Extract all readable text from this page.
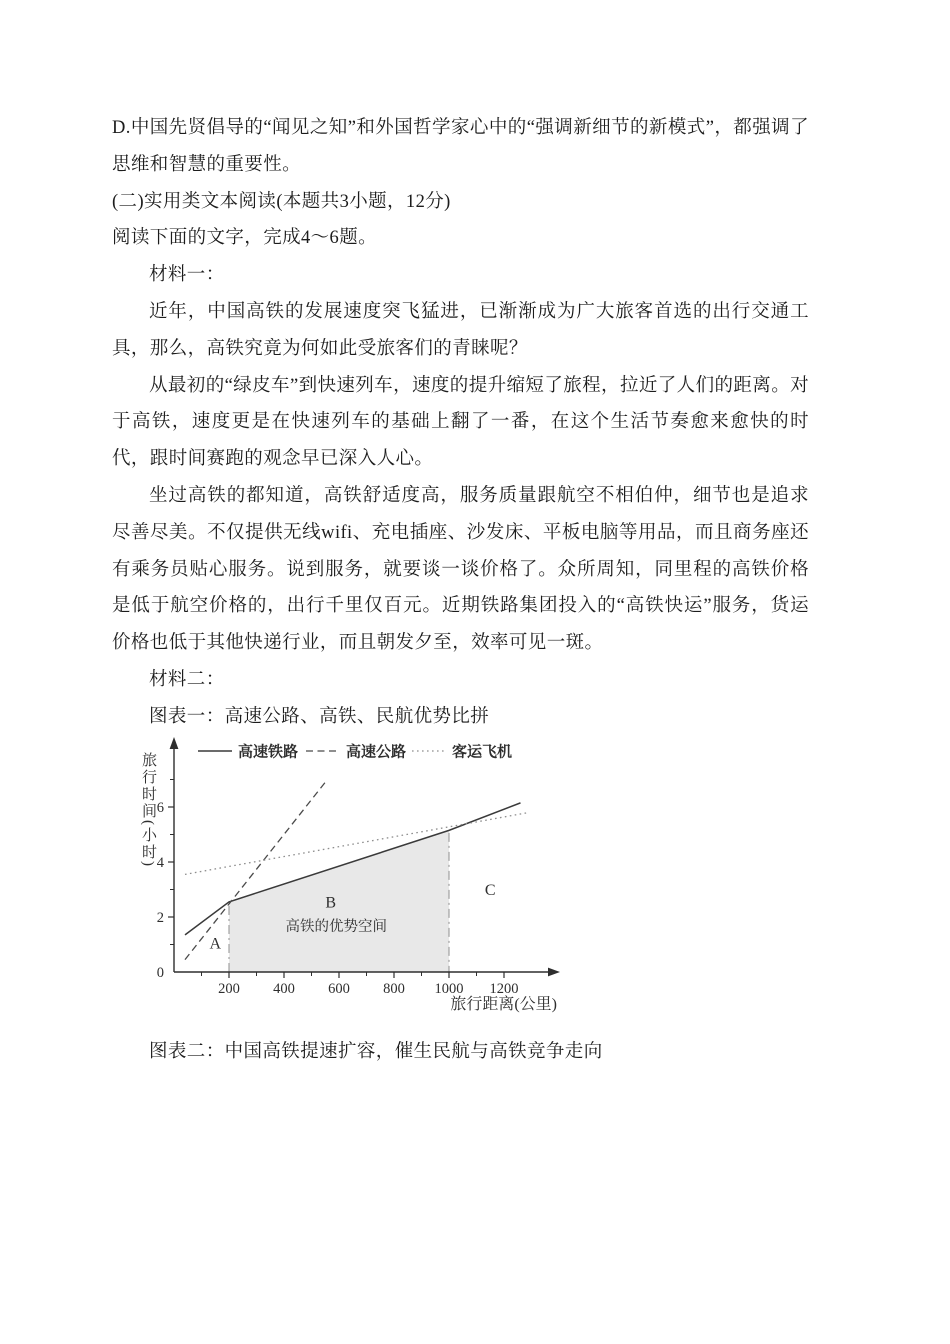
D.中国先贤倡导的“闻见之知”和外国哲学家心中的“强调新细节的新模式”，都强调了思维和智慧的重要性。

(二)实用类文本阅读(本题共3小题，12分)

阅读下面的文字，完成4～6题。

材料一：

近年，中国高铁的发展速度突飞猛进，已渐渐成为广大旅客首选的出行交通工具，那么，高铁究竟为何如此受旅客们的青睐呢？

从最初的“绿皮车”到快速列车，速度的提升缩短了旅程，拉近了人们的距离。对于高铁，速度更是在快速列车的基础上翻了一番，在这个生活节奏愈来愈快的时代，跟时间赛跑的观念早已深入人心。

坐过高铁的都知道，高铁舒适度高，服务质量跟航空不相伯仲，细节也是追求尽善尽美。不仅提供无线wifi、充电插座、沙发床、平板电脑等用品，而且商务座还有乘务员贴心服务。说到服务，就要谈一谈价格了。众所周知，同里程的高铁价格是低于航空价格的，出行千里仅百元。近期铁路集团投入的“高铁快运”服务，货运价格也低于其他快递行业，而且朝发夕至，效率可见一斑。

材料二：

图表一：高速公路、高铁、民航优势比拼

旅行时间(小时)
200 400 600 800 1000 1200
0
2
4
6
高速铁路	高速公路	客运飞机
A
B
C
高铁的优势空间
旅行距离(公里)

图表二：中国高铁提速扩容，催生民航与高铁竞争走向
